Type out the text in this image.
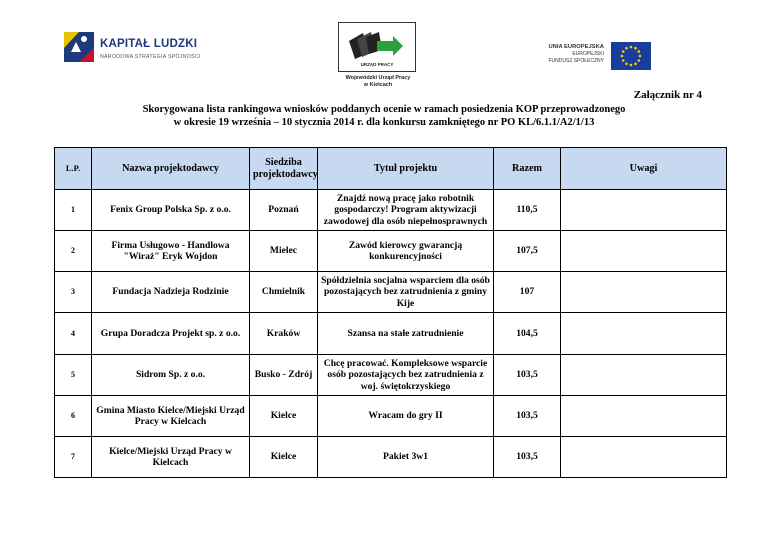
KAPITAŁ LUDZKI
NARODOWA STRATEGIA SPÓJNOŚCI
URZĄD PRACY
Wojewódzki Urząd Pracy
w Kielcach
UNIA EUROPEJSKA
EUROPEJSKI
FUNDUSZ SPOŁECZNY
Załącznik nr 4
Skorygowana lista rankingowa wniosków poddanych ocenie w ramach posiedzenia KOP przeprowadzonego
w okresie 19 września – 10 stycznia 2014 r. dla konkursu zamkniętego nr PO KL/6.1.1/A2/1/13
L.P.	Nazwa projektodawcy	Siedziba projektodawcy	Tytuł projektu	Razem	Uwagi
1	Fenix Group Polska Sp. z o.o.	Poznań	Znajdź nową pracę jako robotnik gospodarczy! Program aktywizacji zawodowej dla osób niepełnosprawnych	110,5	
2	Firma Usługowo - Handlowa "Wiraż" Eryk Wojdon	Mielec	Zawód kierowcy gwarancją konkurencyjności	107,5	
3	Fundacja Nadzieja Rodzinie	Chmielnik	Spółdzielnia socjalna wsparciem dla osób pozostających bez zatrudnienia z gminy Kije	107	
4	Grupa Doradcza Projekt sp. z o.o.	Kraków	Szansa na stałe zatrudnienie	104,5	
5	Sidrom Sp. z o.o.	Busko - Zdrój	Chcę pracować. Kompleksowe wsparcie osób pozostających bez zatrudnienia z woj. świętokrzyskiego	103,5	
6	Gmina Miasto Kielce/Miejski Urząd Pracy w Kielcach	Kielce	Wracam do gry II	103,5	
7	Kielce/Miejski Urząd Pracy w Kielcach	Kielce	Pakiet 3w1	103,5	
